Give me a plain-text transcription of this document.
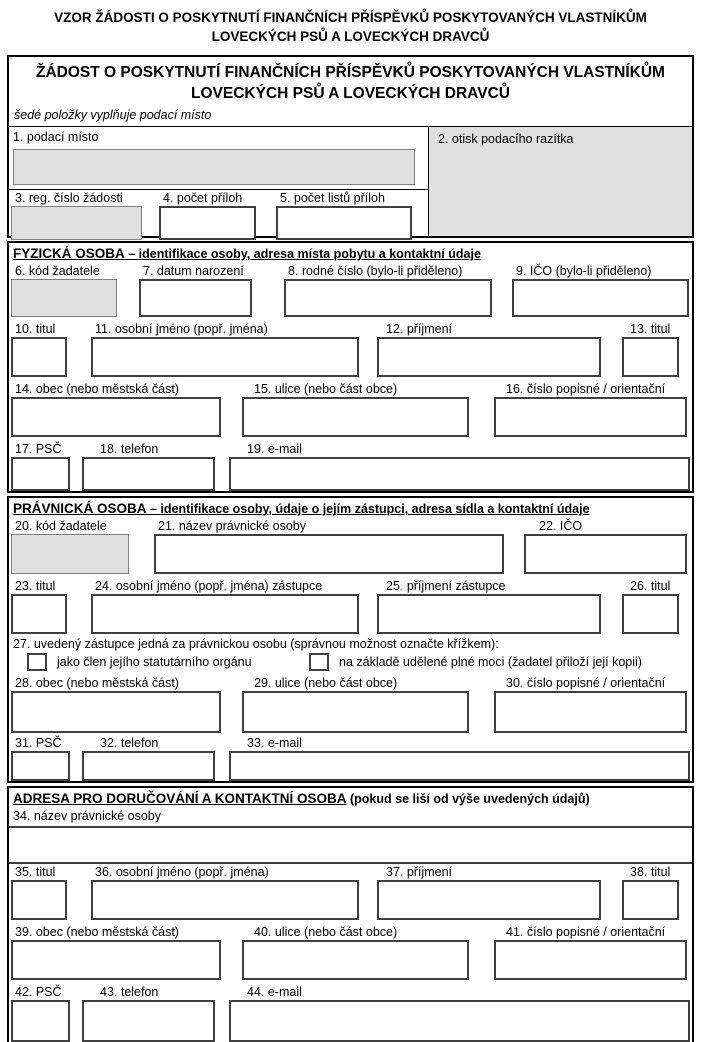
VZOR ŽÁDOSTI O POSKYTNUTÍ FINANČNÍCH PŘÍSPĚVKŮ POSKYTOVANÝCH VLASTNÍKŮM
LOVECKÝCH PSŮ A LOVECKÝCH DRAVCŮ
ŽÁDOST O POSKYTNUTÍ FINANČNÍCH PŘÍSPĚVKŮ POSKYTOVANÝCH VLASTNÍKŮM
LOVECKÝCH PSŮ A LOVECKÝCH DRAVCŮ
šedé položky vyplňuje podací místo
1. podací místo
3. reg. číslo žádosti	4. počet příloh	5. počet listů příloh
2. otisk podacího razítka
FYZICKÁ OSOBA – identifikace osoby, adresa místa pobytu a kontaktní údaje
6. kód žadatele	7. datum narození	8. rodné číslo (bylo-li přiděleno)	9. IČO (bylo-li přiděleno)
10. titul	11. osobní jméno (popř. jména)	12. příjmení	13. titul
14. obec (nebo městská část)	15. ulice (nebo část obce)	16. číslo popisné / orientační
17. PSČ	18. telefon	19. e-mail
PRÁVNICKÁ OSOBA – identifikace osoby, údaje o jejím zástupci, adresa sídla a kontaktní údaje
20. kód žadatele	21. název právnické osoby	22. IČO
23. titul	24. osobní jméno (popř. jména) zástupce	25. příjmení zástupce	26. titul
27. uvedený zástupce jedná za právnickou osobu (správnou možnost označte křížkem):
jako člen jejího statutárního orgánu	na základě udělené plné moci (žadatel přiloží její kopii)
28. obec (nebo městská část)	29. ulice (nebo část obce)	30. číslo popisné / orientační
31. PSČ	32. telefon	33. e-mail
ADRESA PRO DORUČOVÁNÍ A KONTAKTNÍ OSOBA (pokud se liší od výše uvedených údajů)
34. název právnické osoby
35. titul	36. osobní jméno (popř. jména)	37. příjmení	38. titul
39. obec (nebo městská část)	40. ulice (nebo část obce)	41. číslo popisné / orientační
42. PSČ	43. telefon	44. e-mail
